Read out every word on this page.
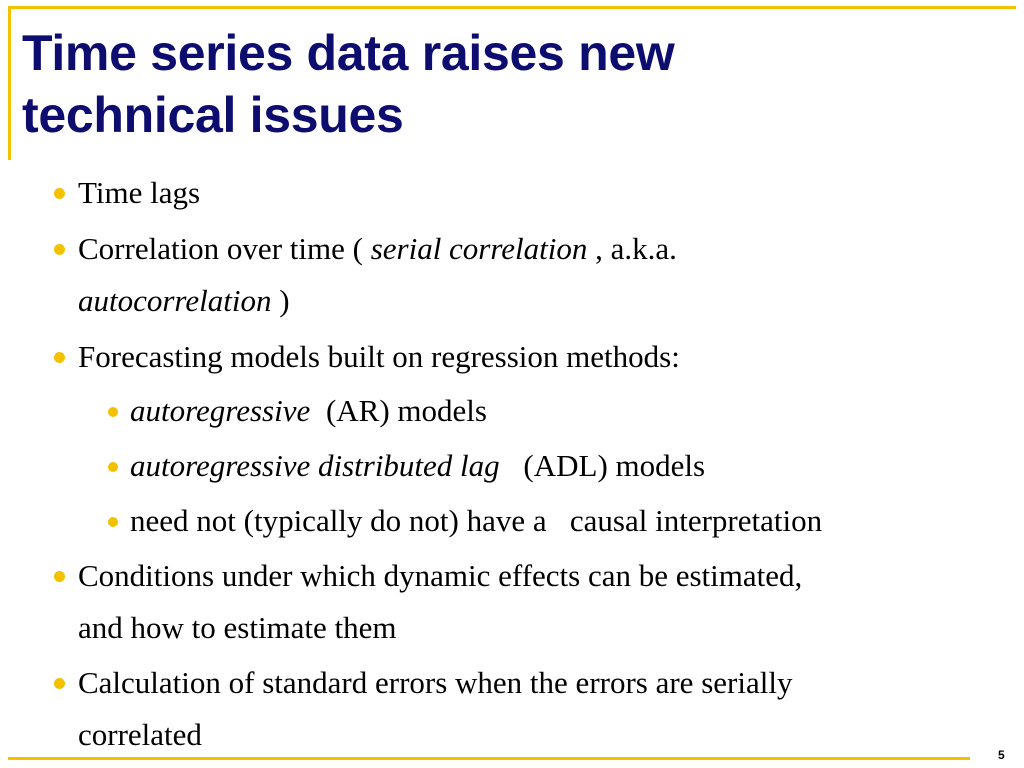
Time series data raises new
technical issues
Time lags
Correlation over time ( serial correlation , a.k.a.
autocorrelation )
Forecasting models built on regression methods:
autoregressive (AR) models
autoregressive distributed lag (ADL) models
need not (typically do not) have a   causal interpretation
Conditions under which dynamic effects can be estimated,
and how to estimate them
Calculation of standard errors when the errors are serially
correlated
5
